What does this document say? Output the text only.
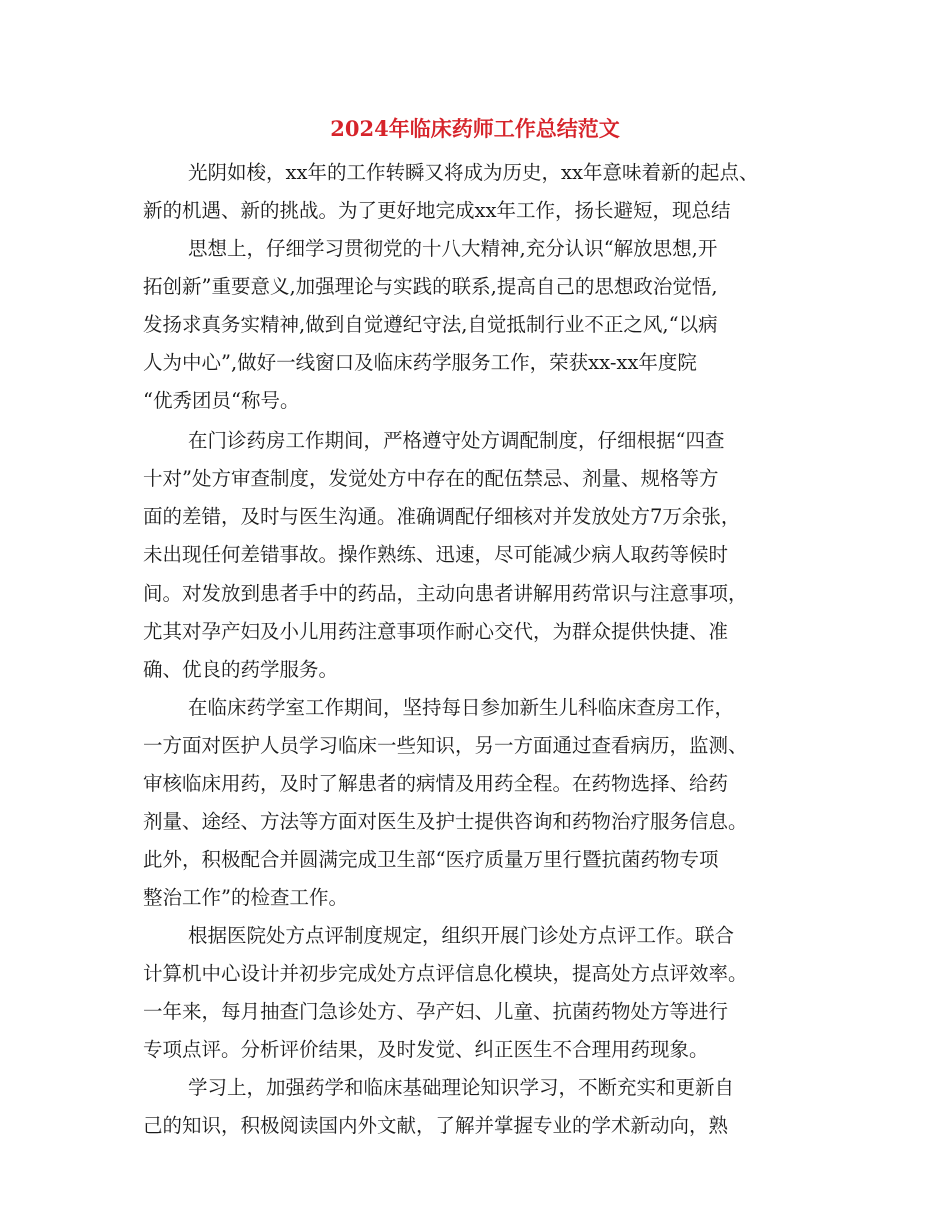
2024年临床药师工作总结范文

光阴如梭，xx年的工作转瞬又将成为历史，xx年意味着新的起点、

新的机遇、新的挑战。为了更好地完成xx年工作，扬长避短，现总结

思想上，仔细学习贯彻党的十八大精神,充分认识“解放思想,开

拓创新”重要意义,加强理论与实践的联系,提高自己的思想政治觉悟,

发扬求真务实精神,做到自觉遵纪守法,自觉抵制行业不正之风,“以病

人为中心”,做好一线窗口及临床药学服务工作，荣获xx-xx年度院

“优秀团员“称号。

在门诊药房工作期间，严格遵守处方调配制度，仔细根据“四查

十对”处方审查制度，发觉处方中存在的配伍禁忌、剂量、规格等方

面的差错，及时与医生沟通。准确调配仔细核对并发放处方7万余张，

未出现任何差错事故。操作熟练、迅速，尽可能减少病人取药等候时

间。对发放到患者手中的药品，主动向患者讲解用药常识与注意事项，

尤其对孕产妇及小儿用药注意事项作耐心交代，为群众提供快捷、准

确、优良的药学服务。

在临床药学室工作期间，坚持每日参加新生儿科临床查房工作，

一方面对医护人员学习临床一些知识，另一方面通过查看病历，监测、

审核临床用药，及时了解患者的病情及用药全程。在药物选择、给药

剂量、途经、方法等方面对医生及护士提供咨询和药物治疗服务信息。

此外，积极配合并圆满完成卫生部“医疗质量万里行暨抗菌药物专项

整治工作”的检查工作。

根据医院处方点评制度规定，组织开展门诊处方点评工作。联合

计算机中心设计并初步完成处方点评信息化模块，提高处方点评效率。

一年来，每月抽查门急诊处方、孕产妇、儿童、抗菌药物处方等进行

专项点评。分析评价结果，及时发觉、纠正医生不合理用药现象。

学习上，加强药学和临床基础理论知识学习，不断充实和更新自

己的知识，积极阅读国内外文献，了解并掌握专业的学术新动向，熟
